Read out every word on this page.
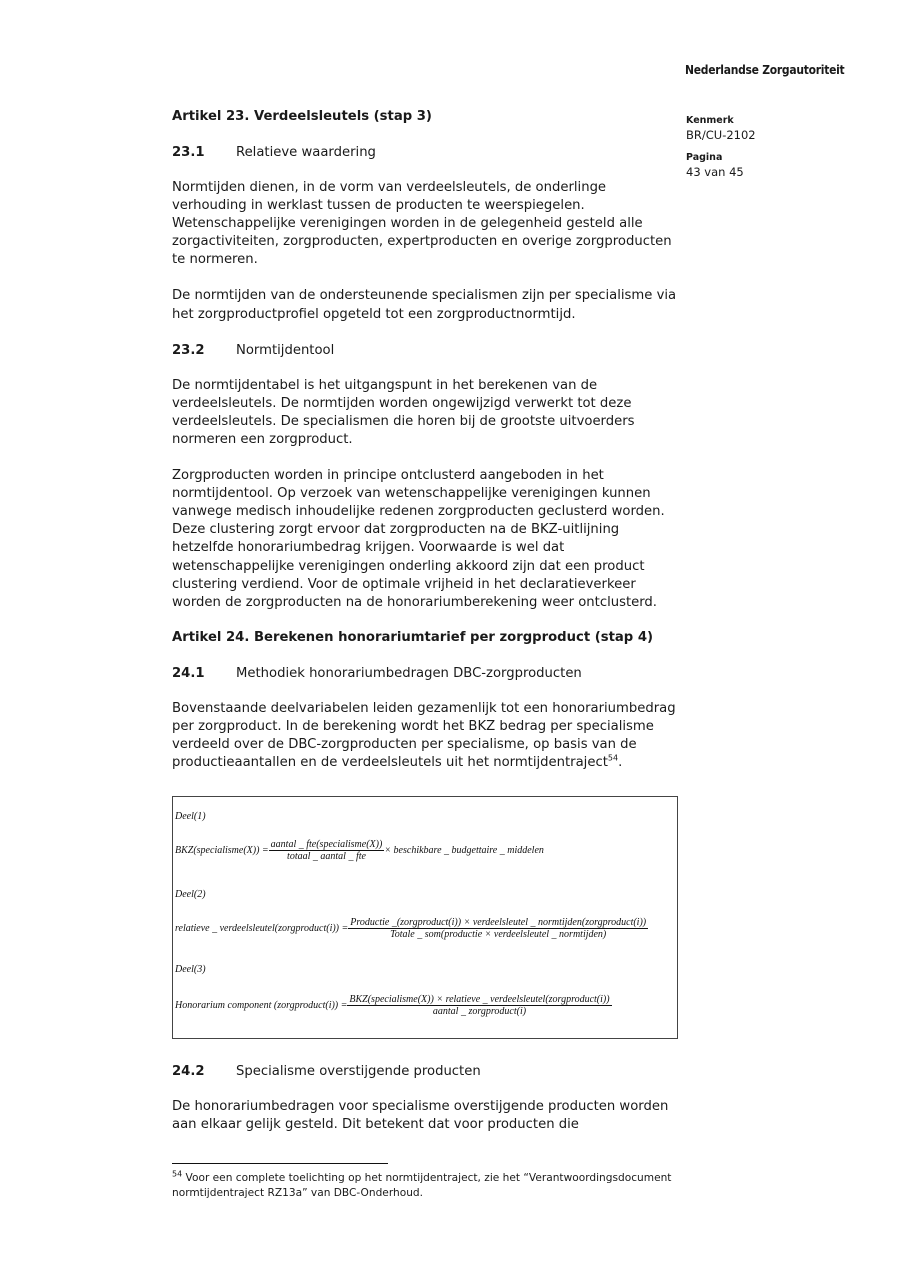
Nederlandse Zorgautoriteit
Kenmerk
BR/CU-2102
Pagina
43 van 45
Artikel 23. Verdeelsleutels (stap 3)
23.1	Relatieve waardering

Normtijden dienen, in de vorm van verdeelsleutels, de onderlinge verhouding in werklast tussen de producten te weerspiegelen. Wetenschappelijke verenigingen worden in de gelegenheid gesteld alle zorgactiviteiten, zorgproducten, expertproducten en overige zorgproducten te normeren.

De normtijden van de ondersteunende specialismen zijn per specialisme via het zorgproductprofiel opgeteld tot een zorgproductnormtijd.

23.2	Normtijdentool

De normtijdentabel is het uitgangspunt in het berekenen van de verdeelsleutels. De normtijden worden ongewijzigd verwerkt tot deze verdeelsleutels. De specialismen die horen bij de grootste uitvoerders normeren een zorgproduct.

Zorgproducten worden in principe ontclusterd aangeboden in het normtijdentool. Op verzoek van wetenschappelijke verenigingen kunnen vanwege medisch inhoudelijke redenen zorgproducten geclusterd worden. Deze clustering zorgt ervoor dat zorgproducten na de BKZ-uitlijning hetzelfde honorariumbedrag krijgen. Voorwaarde is wel dat wetenschappelijke verenigingen onderling akkoord zijn dat een product clustering verdiend. Voor de optimale vrijheid in het declaratieverkeer worden de zorgproducten na de honorariumberekening weer ontclusterd.

Artikel 24. Berekenen honorariumtarief per zorgproduct (stap 4)
24.1	Methodiek honorariumbedragen DBC-zorgproducten

Bovenstaande deelvariabelen leiden gezamenlijk tot een honorariumbedrag per zorgproduct. In de berekening wordt het BKZ bedrag per specialisme verdeeld over de DBC-zorgproducten per specialisme, op basis van de productieaantallen en de verdeelsleutels uit het normtijdentraject$^{54}$.

Deel(1)
BKZ(specialisme(X)) = $\frac{\text{aantal \_ fte(specialisme(X))}}{\text{totaal \_ aantal \_ fte}}$ × beschikbare _ budgettaire _ middelen
Deel(2)
relatieve _ verdeelsleutel(zorgproduct(i)) =
Productie _(zorgproduct(i)) × verdeelsleutel _ normtijden(zorgproduct(i))
Totale _ som(productie × verdeelsleutel _ normtijden)
Deel(3)
Honorarium component (zorgproduct(i)) =
BKZ(specialisme(X)) × relatieve _ verdeelsleutel(zorgproduct(i))
aantal _ zorgproduct(i)
24.2	Specialisme overstijgende producten

De honorariumbedragen voor specialisme overstijgende producten worden aan elkaar gelijk gesteld. Dit betekent dat voor producten die

$^{54}$ Voor een complete toelichting op het normtijdentraject, zie het “Verantwoordingsdocument normtijdentraject RZ13a” van DBC-Onderhoud.
